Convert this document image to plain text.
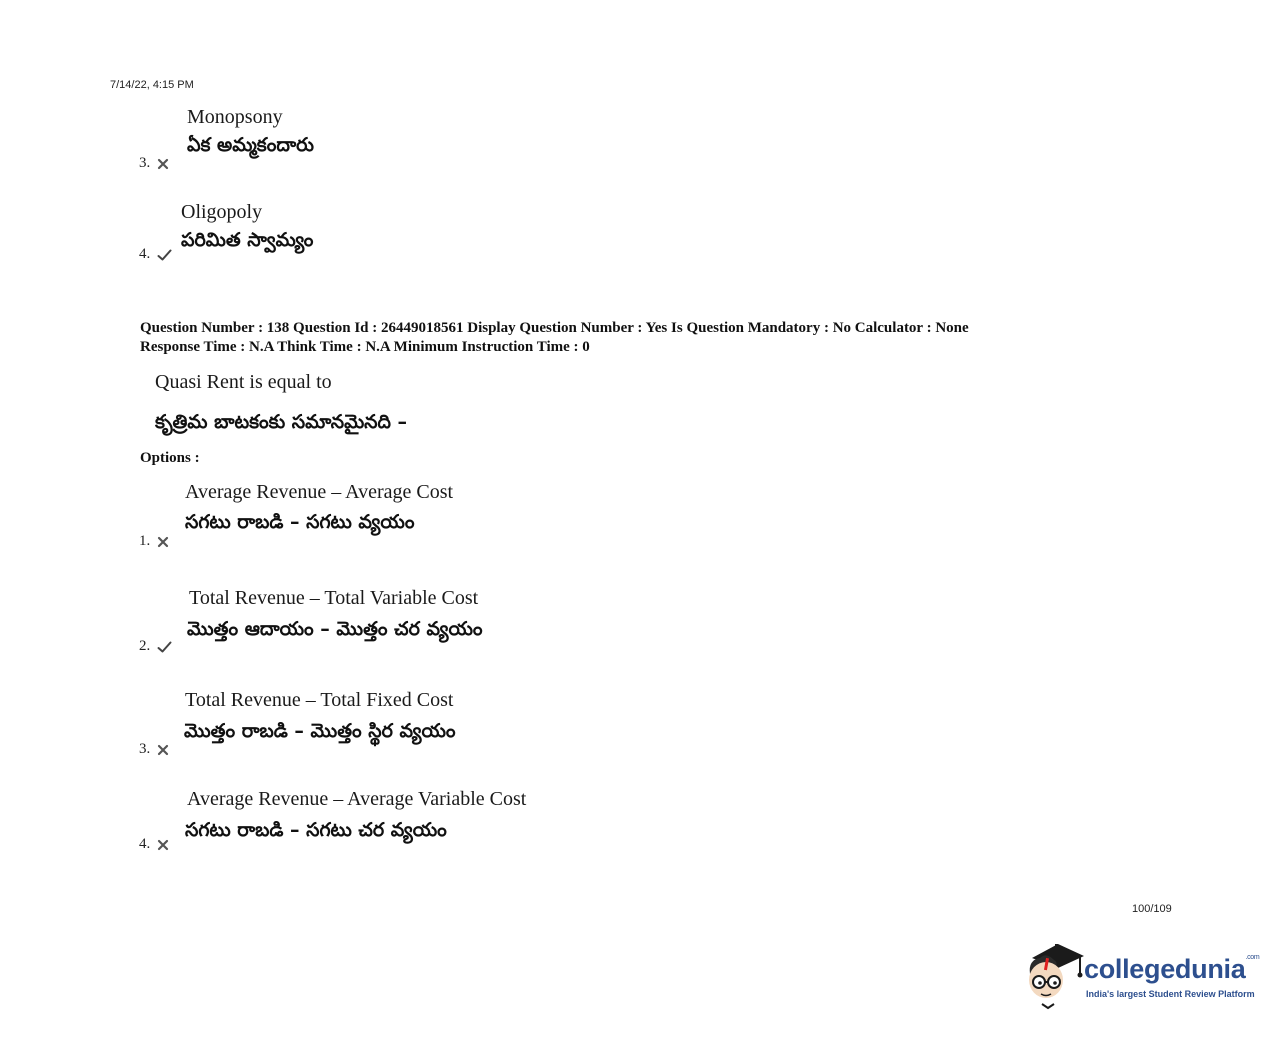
7/14/22, 4:15 PM
Monopsony
ఏక అమ్మకందారు
3.
Oligopoly
పరిమిత స్వామ్యం
4.
Question Number : 138 Question Id : 26449018561 Display Question Number : Yes Is Question Mandatory : No Calculator : None
Response Time : N.A Think Time : N.A Minimum Instruction Time : 0
Quasi Rent is equal to
కృత్రిమ బాటకంకు సమానమైనది –
Options :
Average Revenue – Average Cost
సగటు రాబడి – సగటు వ్యయం
1.
Total Revenue – Total Variable Cost
మొత్తం ఆదాయం – మొత్తం చర వ్యయం
2.
Total Revenue – Total Fixed Cost
మొత్తం రాబడి – మొత్తం స్థిర వ్యయం
3.
Average Revenue – Average Variable Cost
సగటు రాబడి – సగటు చర వ్యయం
4.
100/109
collegedunia$^{.com}$
India's largest Student Review Platform
